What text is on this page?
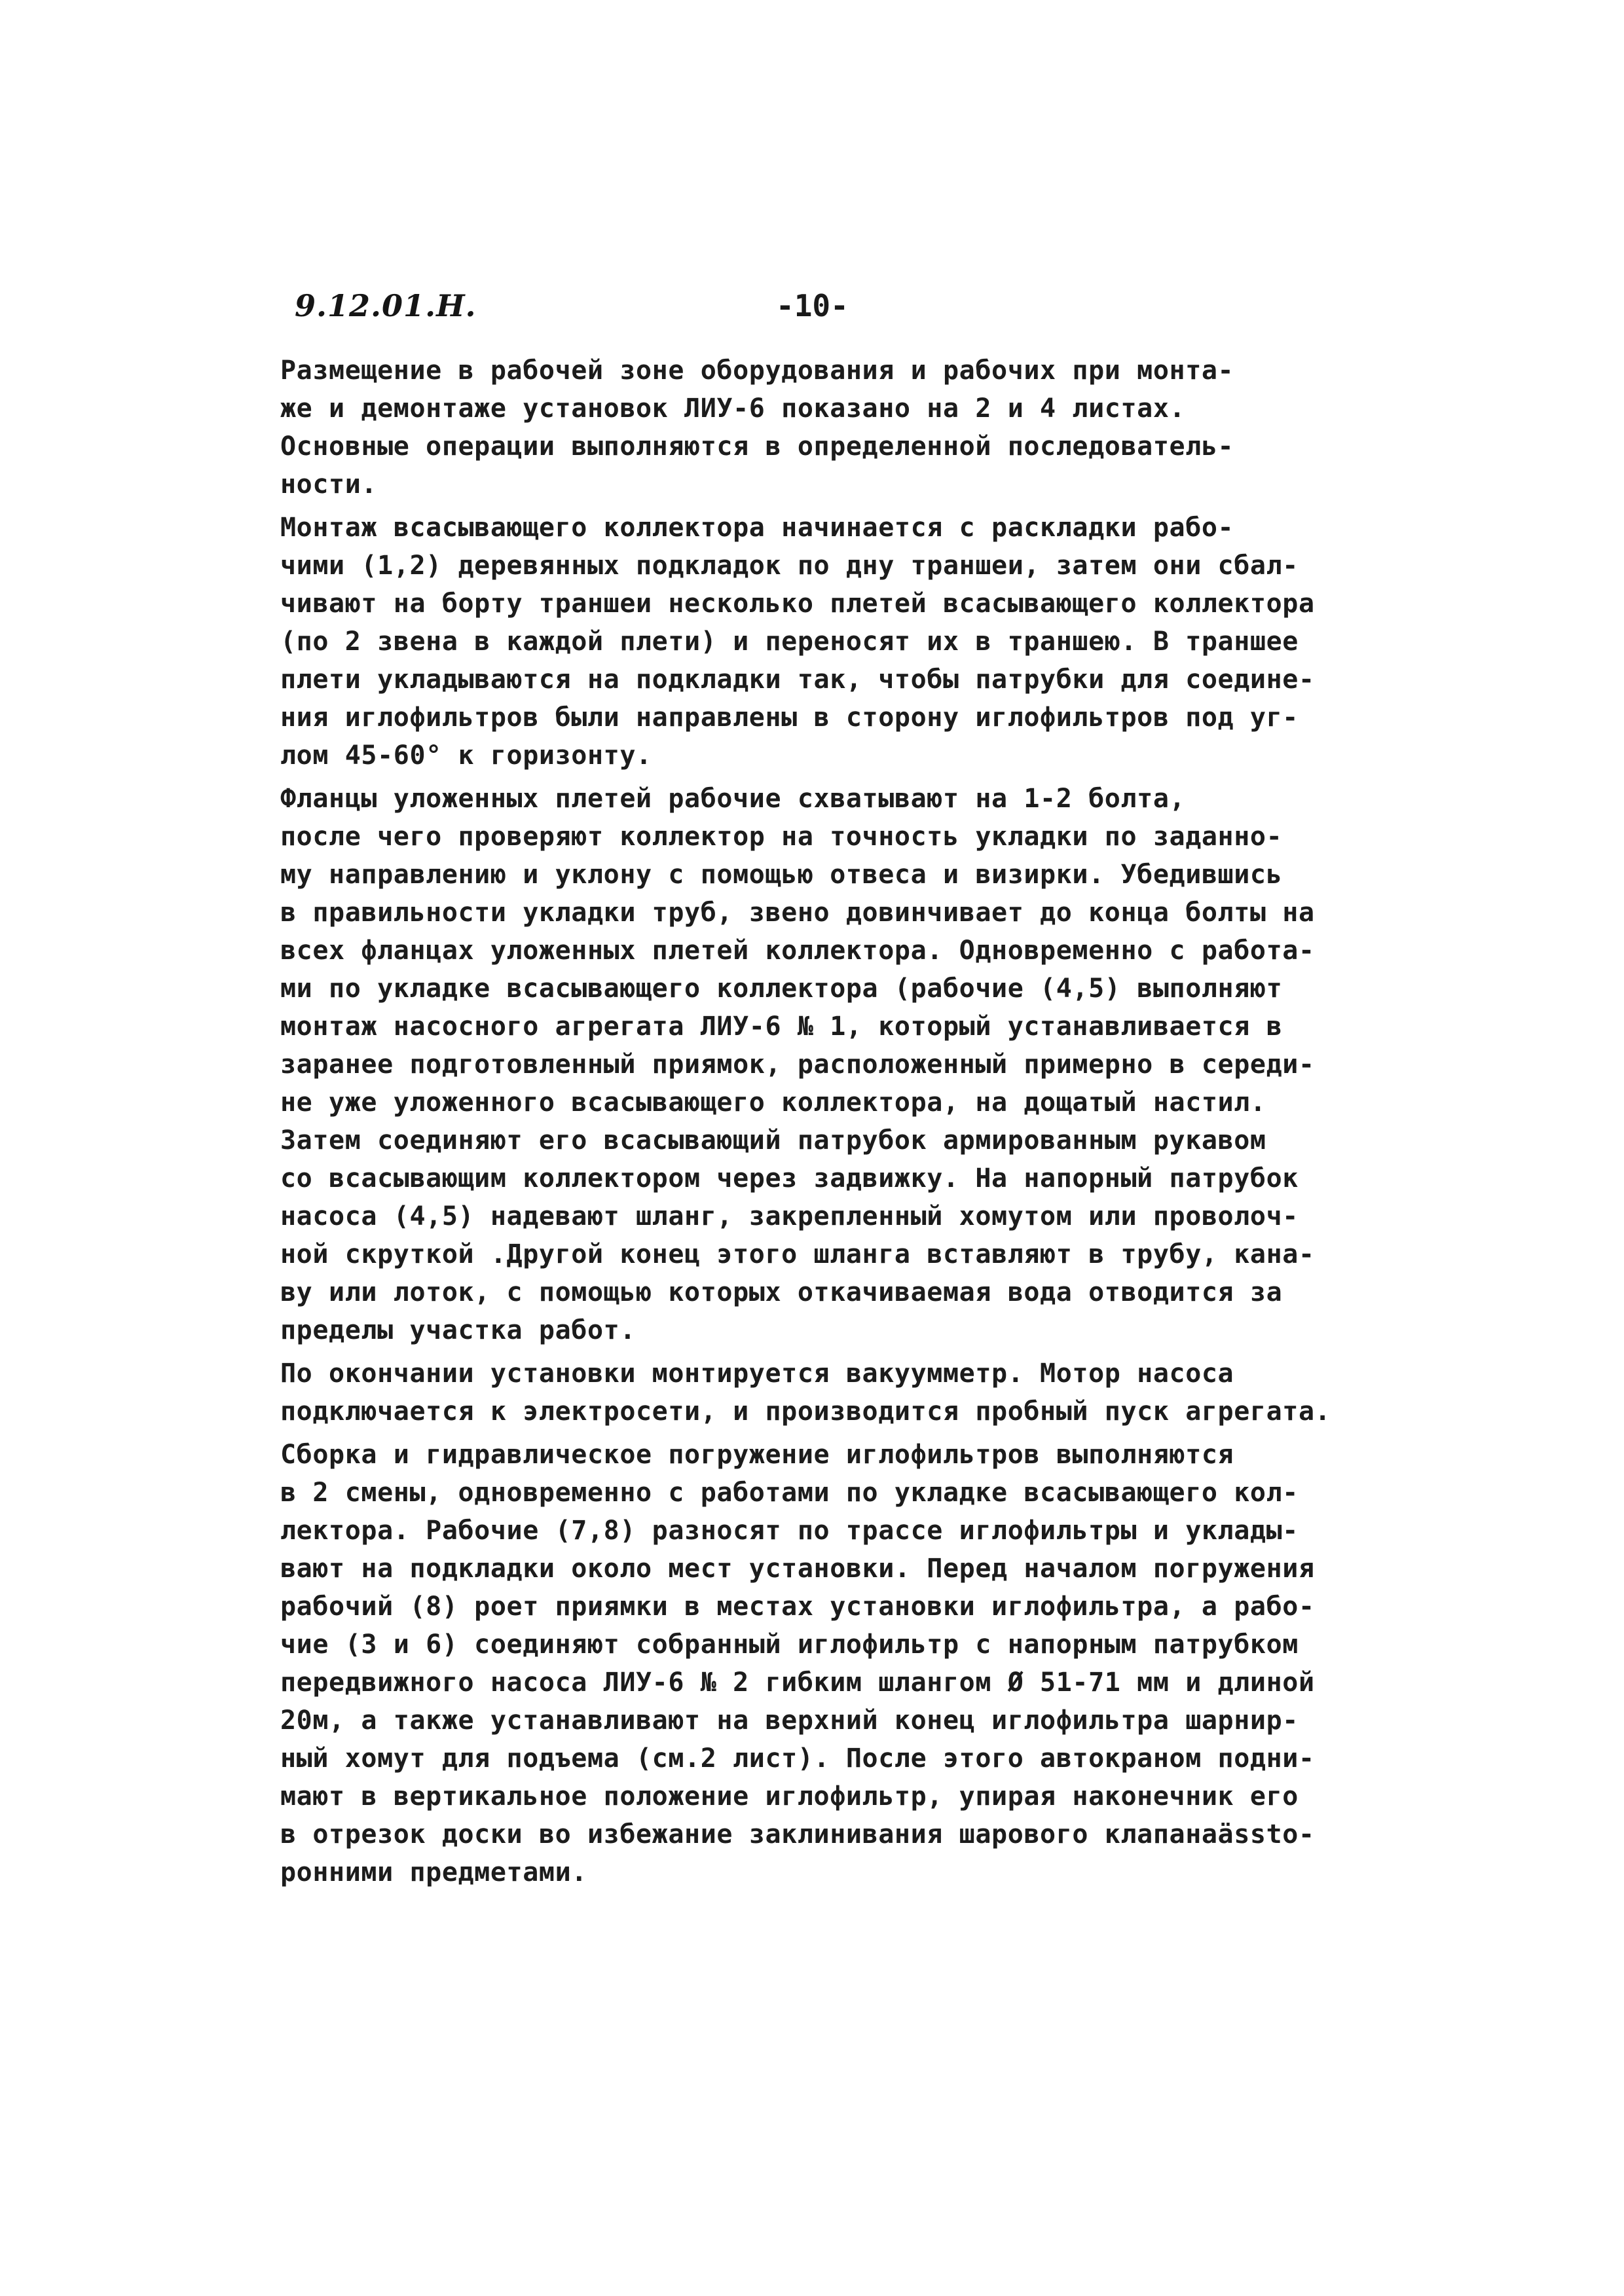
9.12.01.Н.	-10-
Размещение в рабочей зоне оборудования и рабочих при монта-
же и демонтаже установок ЛИУ-6 показано на 2 и 4 листах.
Основные операции выполняются в определенной последователь-
ности.
Монтаж всасывающего коллектора начинается с раскладки рабо-
чими (1,2) деревянных подкладок по дну траншеи, затем они сбал-
чивают на борту траншеи несколько плетей всасывающего коллектора
(по 2 звена в каждой плети) и переносят их в траншею. В траншее
плети укладываются на подкладки так, чтобы патрубки для соедине-
ния иглофильтров были направлены в сторону иглофильтров под уг-
лом 45-60° к горизонту.
Фланцы уложенных плетей рабочие схватывают на 1-2 болта,
после чего проверяют коллектор на точность укладки по заданно-
му направлению и уклону с помощью отвеса и визирки. Убедившись
в правильности укладки труб, звено довинчивает до конца болты на
всех фланцах уложенных плетей коллектора. Одновременно с работа-
ми по укладке всасывающего коллектора (рабочие (4,5) выполняют
монтаж насосного агрегата ЛИУ-6 № 1, который устанавливается в
заранее подготовленный приямок, расположенный примерно в середи-
не уже уложенного всасывающего коллектора, на дощатый настил.
Затем соединяют его всасывающий патрубок армированным рукавом
со всасывающим коллектором через задвижку. На напорный патрубок
насоса (4,5) надевают шланг, закрепленный хомутом или проволоч-
ной скруткой .Другой конец этого шланга вставляют в трубу, кана-
ву или лоток, с помощью которых откачиваемая вода отводится за
пределы участка работ.
По окончании установки монтируется вакуумметр. Мотор насоса
подключается к электросети, и производится пробный пуск агрегата.
Сборка и гидравлическое погружение иглофильтров выполняются
в 2 смены, одновременно с работами по укладке всасывающего кол-
лектора. Рабочие (7,8) разносят по трассе иглофильтры и уклады-
вают на подкладки около мест установки. Перед началом погружения
рабочий (8) роет приямки в местах установки иглофильтра, а рабо-
чие (3 и 6) соединяют собранный иглофильтр с напорным патрубком
передвижного насоса ЛИУ-6 № 2 гибким шлангом Ø 51-71 мм и длиной
20м, а также устанавливают на верхний конец иглофильтра шарнир-
ный хомут для подъема (см.2 лист). После этого автокраном подни-
мают в вертикальное положение иглофильтр, упирая наконечник его
в отрезок доски во избежание заклинивания шарового клапанаässto-
ронними предметами.
